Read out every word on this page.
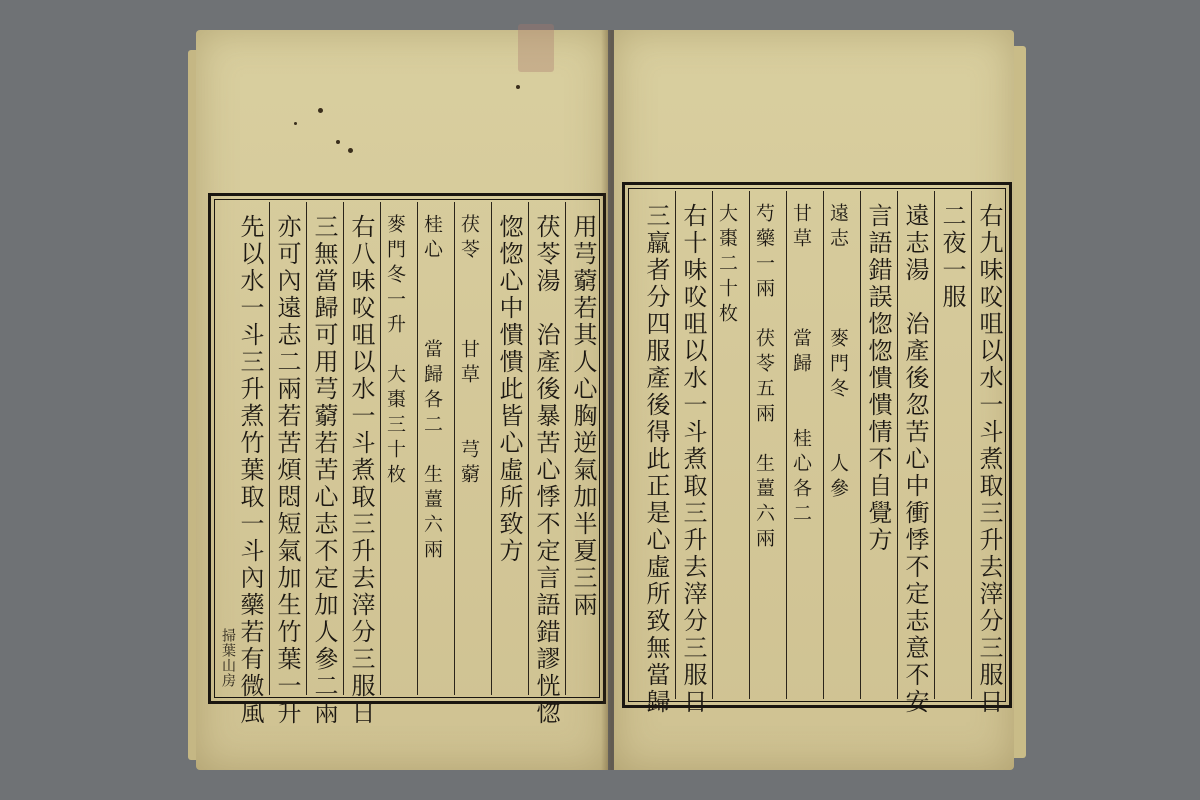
用芎藭若其人心胸逆氣加半夏三兩
茯苓湯　治產後暴苦心悸不定言語錯謬恍惚
惚惚心中憒憒此皆心虛所致方
茯苓　　　甘草　　芎藭
桂心　　　當歸各二　生薑六兩
麥門冬一升　大棗三十枚
右八味㕮咀以水一斗煮取三升去滓分三服日
三無當歸可用芎藭若苦心志不定加人參二兩
亦可內遠志二兩若苦煩悶短氣加生竹葉一升
先以水一斗三升煮竹葉取一斗內藥若有微風
掃葉山房	右九味㕮咀以水一斗煮取三升去滓分三服日
二夜一服
遠志湯　治產後忽苦心中衝悸不定志意不安
言語錯誤惚惚憒憒情不自覺方
遠志　　　麥門冬　　人參
甘草　　　當歸　　桂心各二
芍藥一兩　茯苓五兩　生薑六兩
大棗二十枚
右十味㕮咀以水一斗煮取三升去滓分三服日
三羸者分四服產後得此正是心虛所致無當歸
